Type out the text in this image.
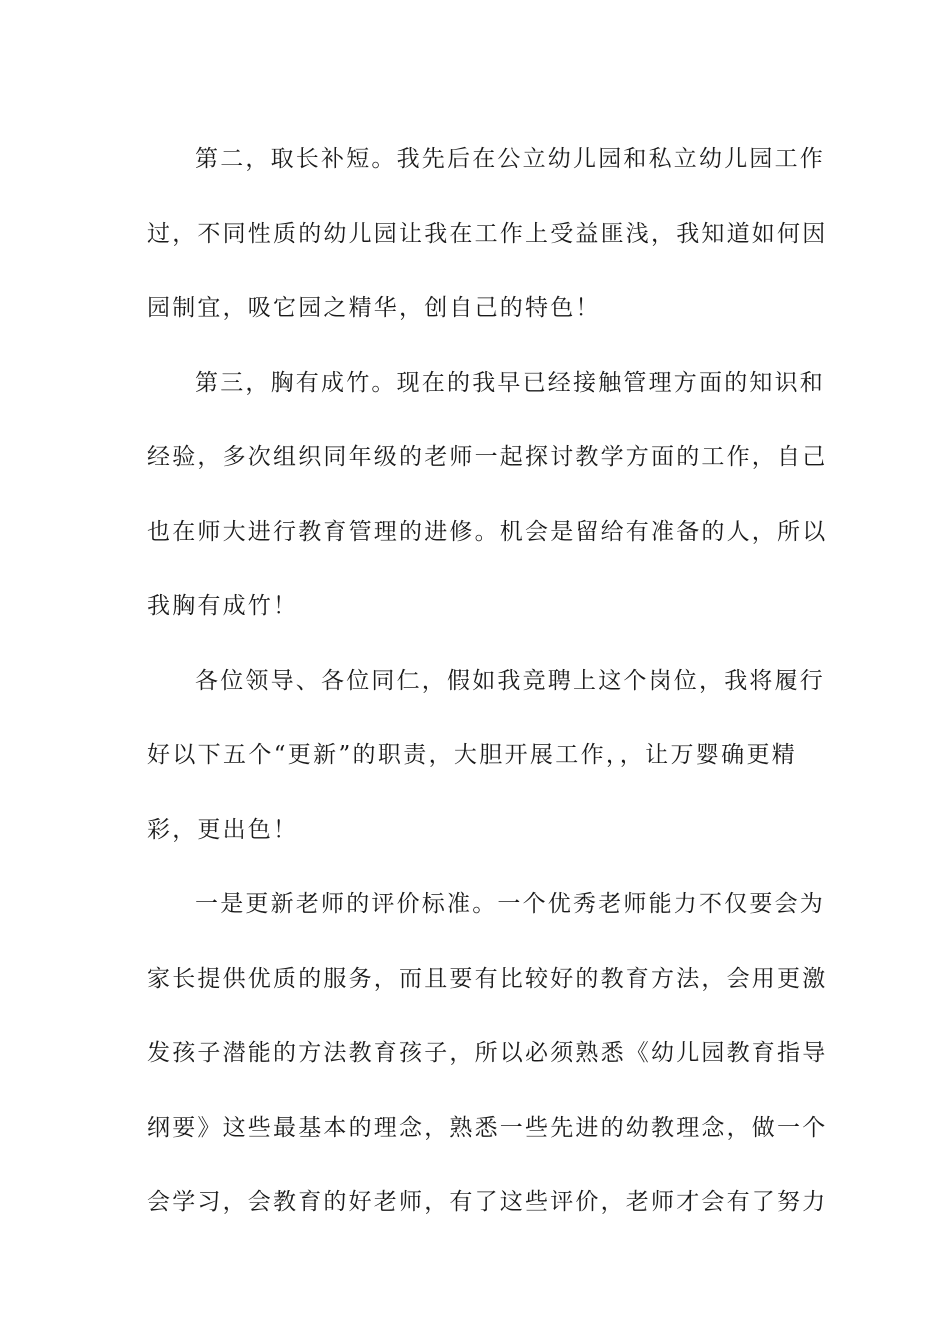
第二，取长补短。我先后在公立幼儿园和私立幼儿园工作
过，不同性质的幼儿园让我在工作上受益匪浅，我知道如何因
园制宜，吸它园之精华，创自己的特色！
第三，胸有成竹。现在的我早已经接触管理方面的知识和
经验，多次组织同年级的老师一起探讨教学方面的工作，自己
也在师大进行教育管理的进修。机会是留给有准备的人，所以
我胸有成竹！
各位领导、各位同仁，假如我竞聘上这个岗位，我将履行
好以下五个“更新”的职责，大胆开展工作，，让万婴确更精
彩，更出色！
一是更新老师的评价标准。一个优秀老师能力不仅要会为
家长提供优质的服务，而且要有比较好的教育方法，会用更激
发孩子潜能的方法教育孩子，所以必须熟悉《幼儿园教育指导
纲要》这些最基本的理念，熟悉一些先进的幼教理念，做一个
会学习，会教育的好老师，有了这些评价，老师才会有了努力
